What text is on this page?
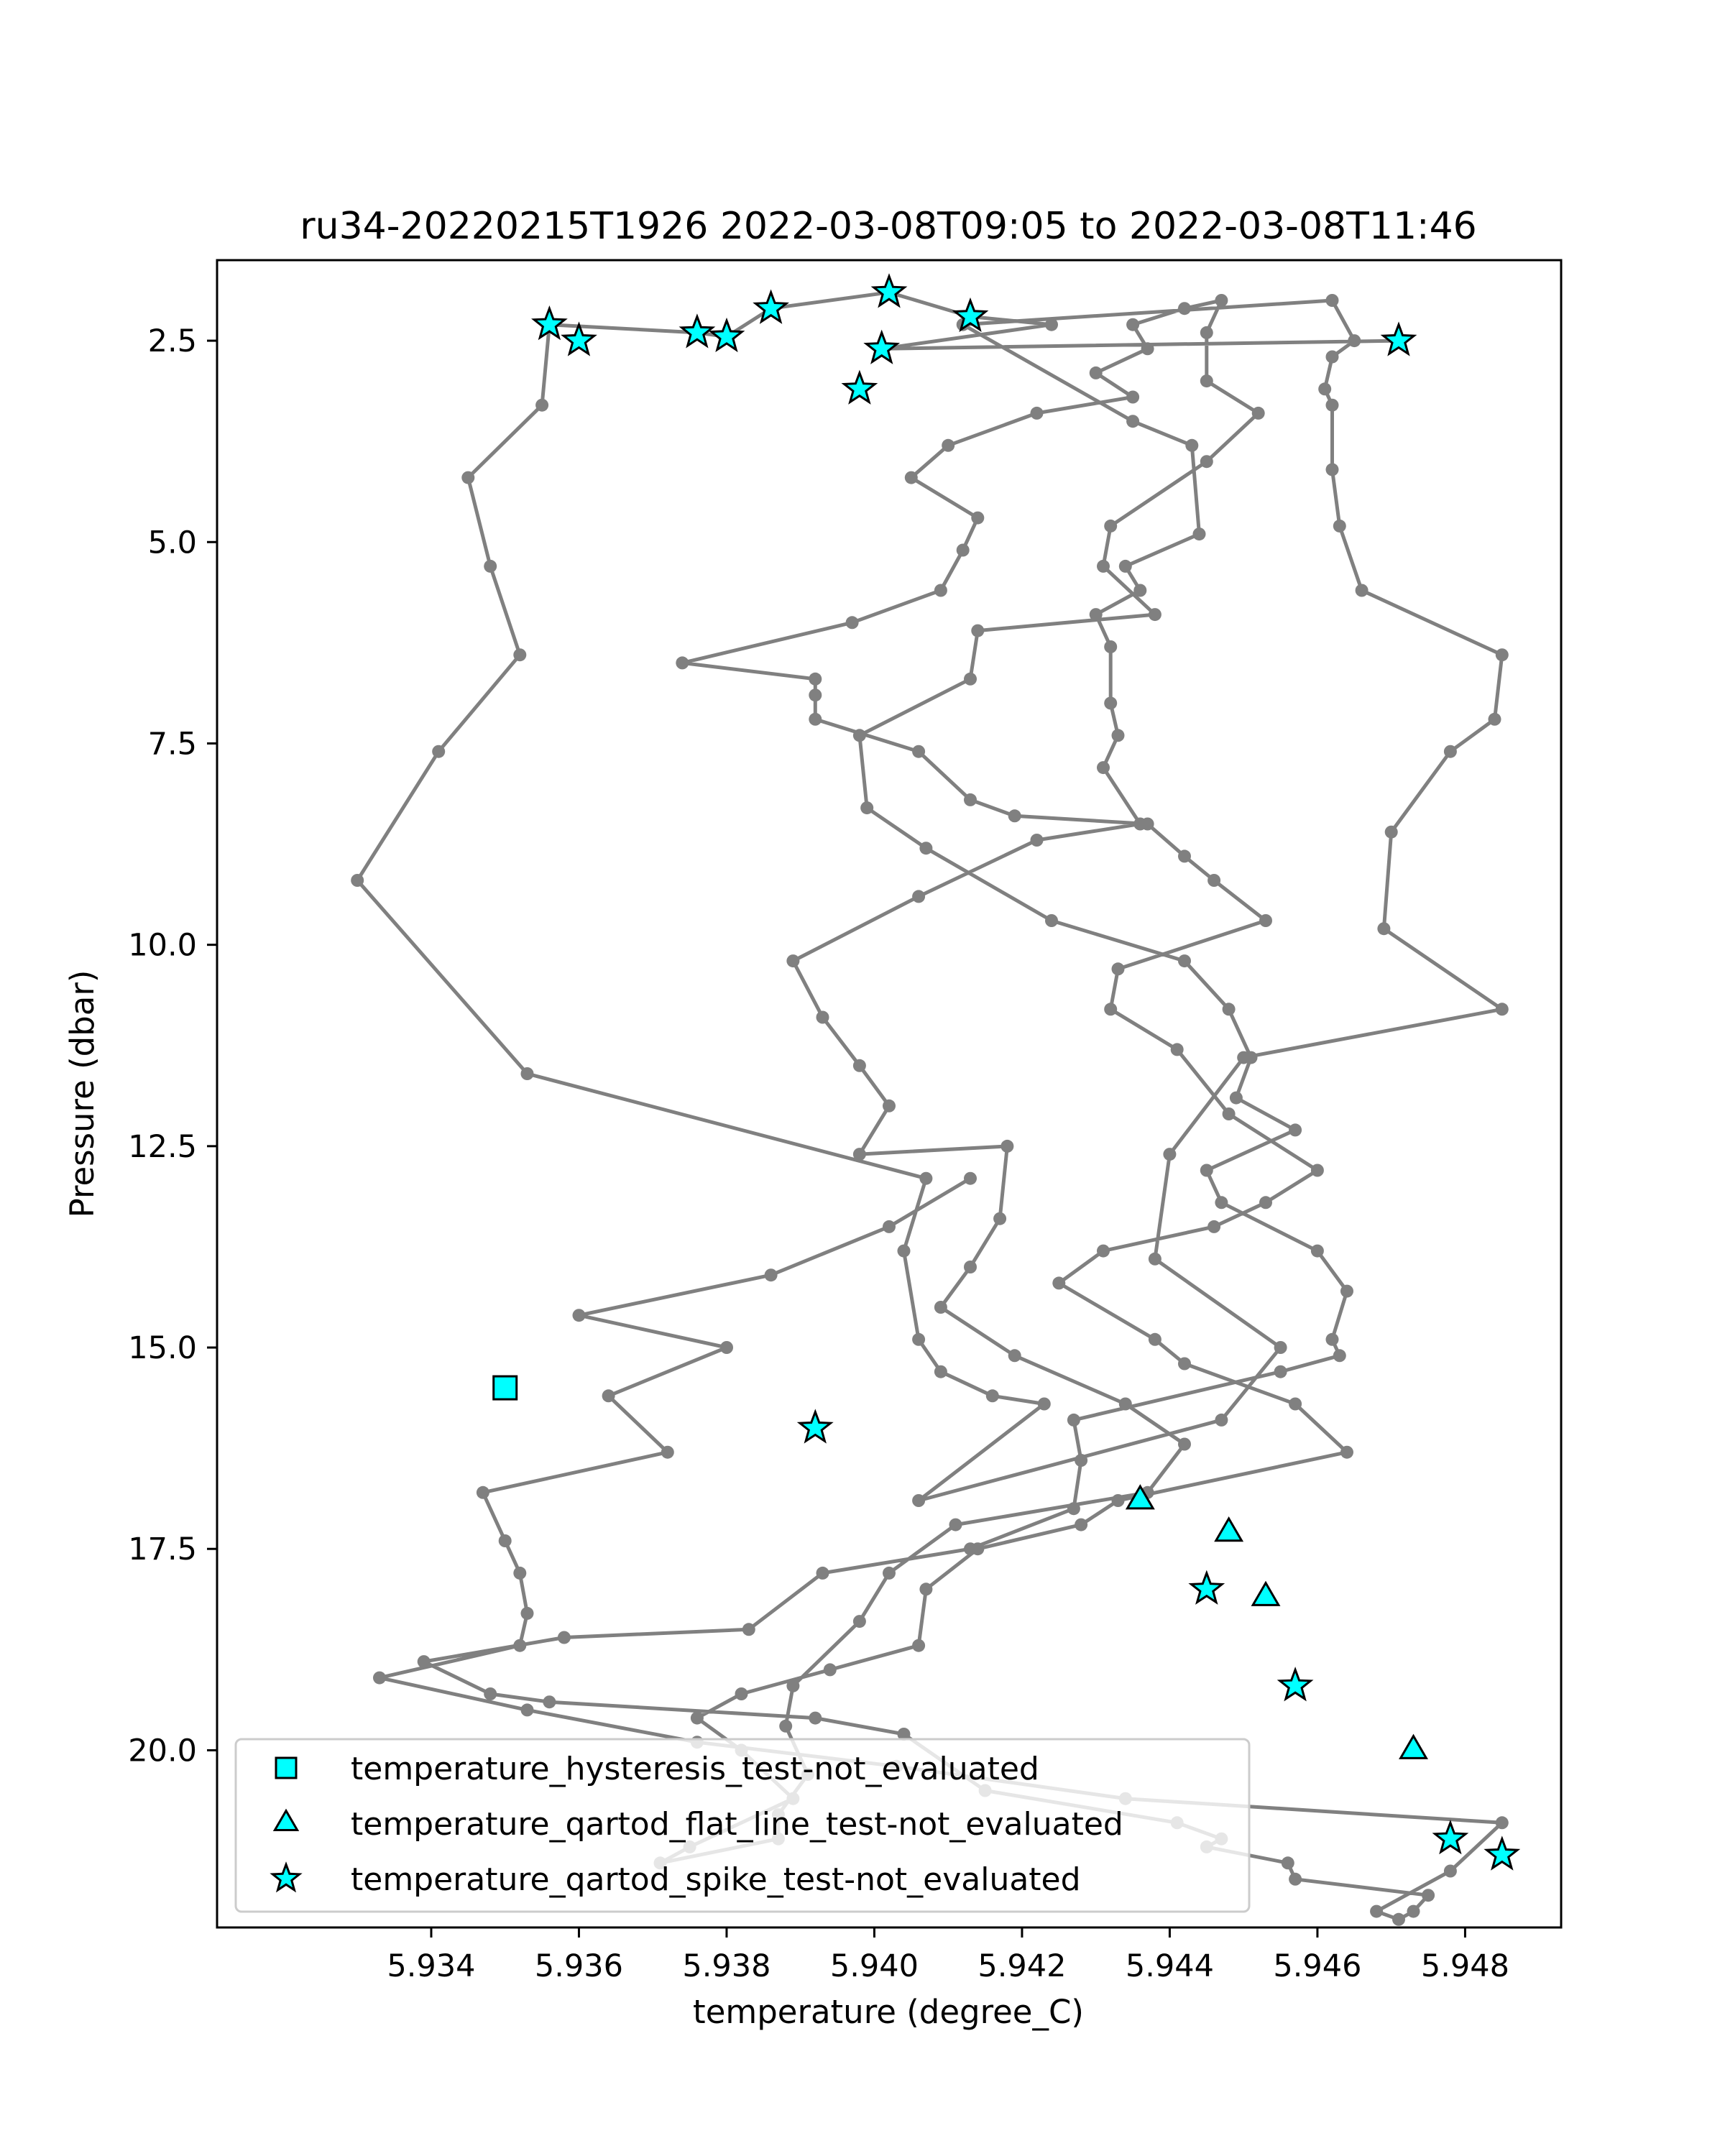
ru34-20220215T1926 2022-03-08T09:05 to 2022-03-08T11:46
5.934 5.936 5.938 5.940 5.942 5.944 5.946 5.948
2.5
5.0
7.5
10.0
12.5
15.0
17.5
20.0
temperature (degree_C)
Pressure (dbar)
temperature_hysteresis_test-not_evaluated
temperature_qartod_flat_line_test-not_evaluated
temperature_qartod_spike_test-not_evaluated
